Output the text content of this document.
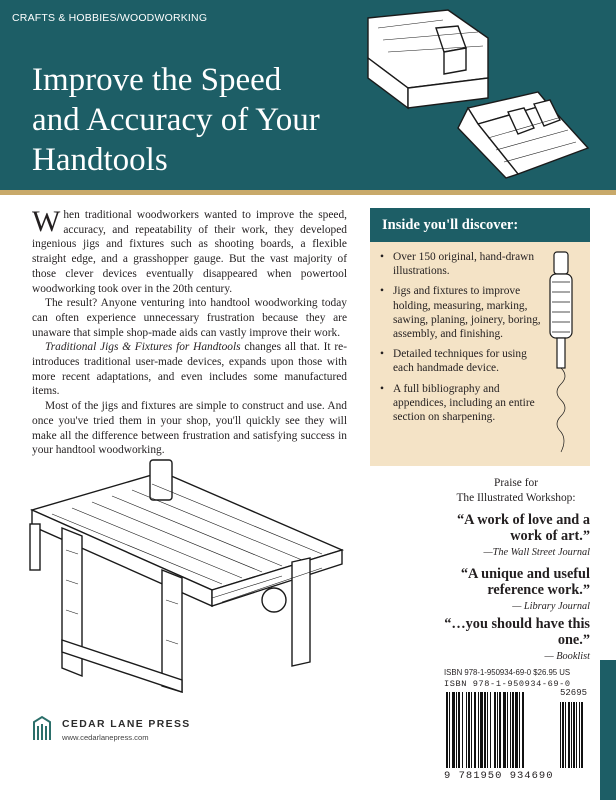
CRAFTS & HOBBIES/WOODWORKING
Improve the Speed
and Accuracy of Your
Handtools

When traditional woodworkers wanted to improve the speed, accuracy, and repeatability of their work, they developed ingenious jigs and fixtures such as shooting boards, a flexible straight edge, and a grasshopper gauge. But the vast majority of those clever devices eventually disappeared when powertool woodworking took over in the 20th century.

The result? Anyone venturing into handtool woodworking today can often experience unnecessary frustration because they are unaware that simple shop-made aids can vastly improve their work.

Traditional Jigs & Fixtures for Handtools changes all that. It re-introduces traditional user-made devices, expands upon those with more recent adaptations, and even includes some manufactured items.

Most of the jigs and fixtures are simple to construct and use. And once you've tried them in your shop, you'll quickly see they will make all the difference between frustration and satisfying success in your handtool woodworking.

Inside you'll discover:
• Over 150 original, hand-drawn illustrations.
• Jigs and fixtures to improve holding, measuring, marking, sawing, planing, joinery, boring, assembly, and finishing.
• Detailed techniques for using each handmade device.
• A full bibliography and appendices, including an entire section on sharpening.
Praise for
The Illustrated Workshop:
“A work of love and a work of art.”
—The Wall Street Journal
“A unique and useful reference work.”
— Library Journal
“…you should have this one.”
— Booklist
CEDAR LANE PRESS
www.cedarlanepress.com
ISBN 978-1-950934-69-0 $26.95 US
ISBN 978-1-950934-69-0
52695
9 781950 934690
